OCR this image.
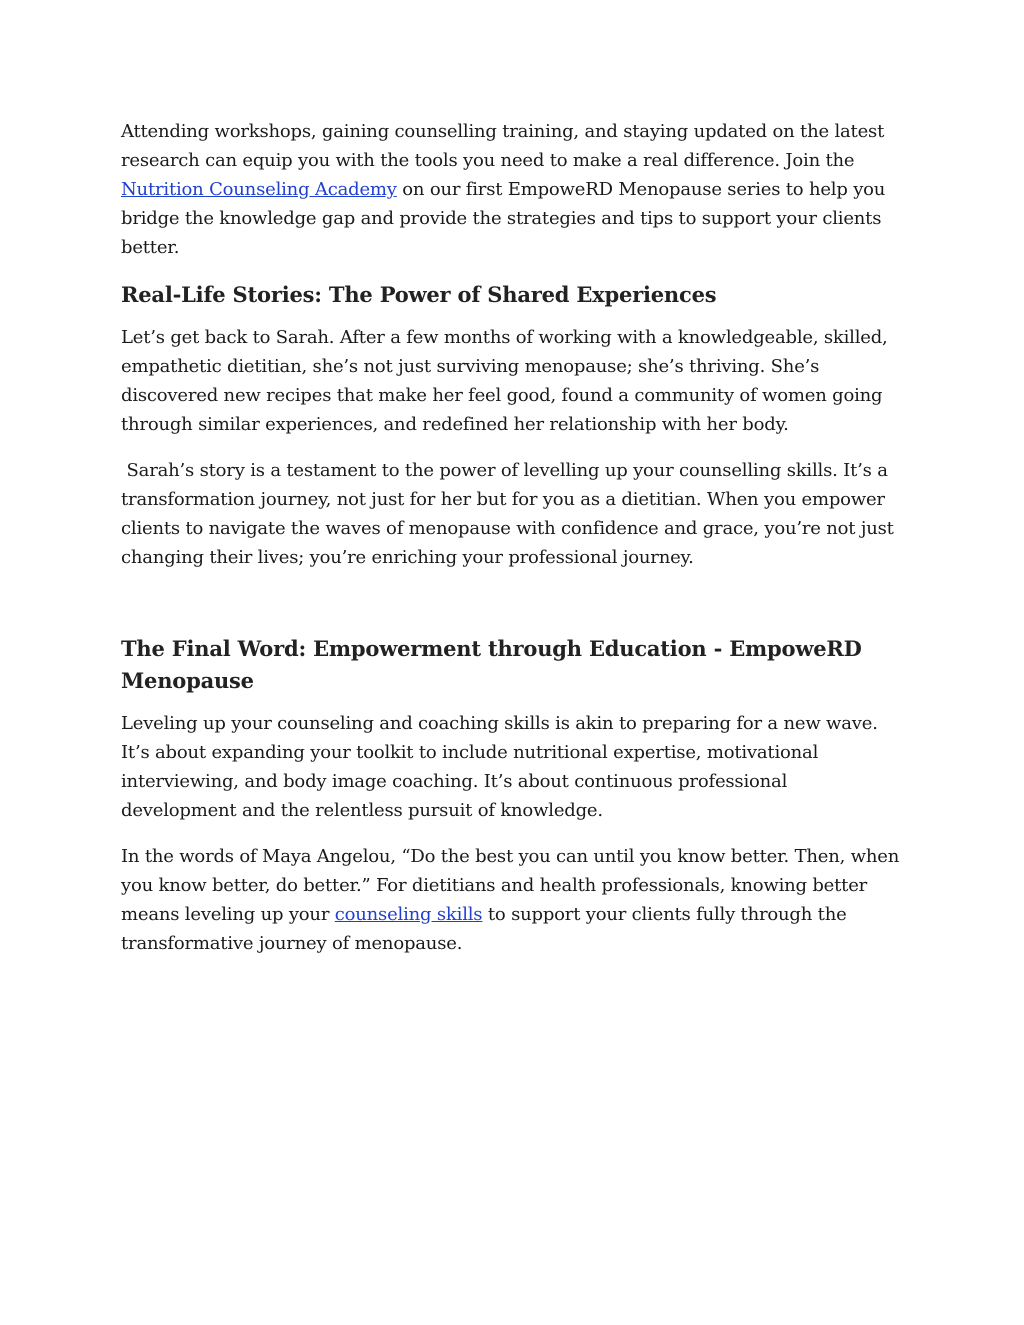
Attending workshops, gaining counselling training, and staying updated on the latest research can equip you with the tools you need to make a real difference. Join the Nutrition Counseling Academy on our first EmpoweRD Menopause series to help you bridge the knowledge gap and provide the strategies and tips to support your clients better.

Real-Life Stories: The Power of Shared Experiences

Let’s get back to Sarah. After a few months of working with a knowledgeable, skilled, empathetic dietitian, she’s not just surviving menopause; she’s thriving. She’s discovered new recipes that make her feel good, found a community of women going through similar experiences, and redefined her relationship with her body.

Sarah’s story is a testament to the power of levelling up your counselling skills. It’s a transformation journey, not just for her but for you as a dietitian. When you empower clients to navigate the waves of menopause with confidence and grace, you’re not just changing their lives; you’re enriching your professional journey.

The Final Word: Empowerment through Education - EmpoweRD Menopause

Leveling up your counseling and coaching skills is akin to preparing for a new wave. It’s about expanding your toolkit to include nutritional expertise, motivational interviewing, and body image coaching. It’s about continuous professional development and the relentless pursuit of knowledge.

In the words of Maya Angelou, “Do the best you can until you know better. Then, when you know better, do better.” For dietitians and health professionals, knowing better means leveling up your counseling skills to support your clients fully through the transformative journey of menopause.
